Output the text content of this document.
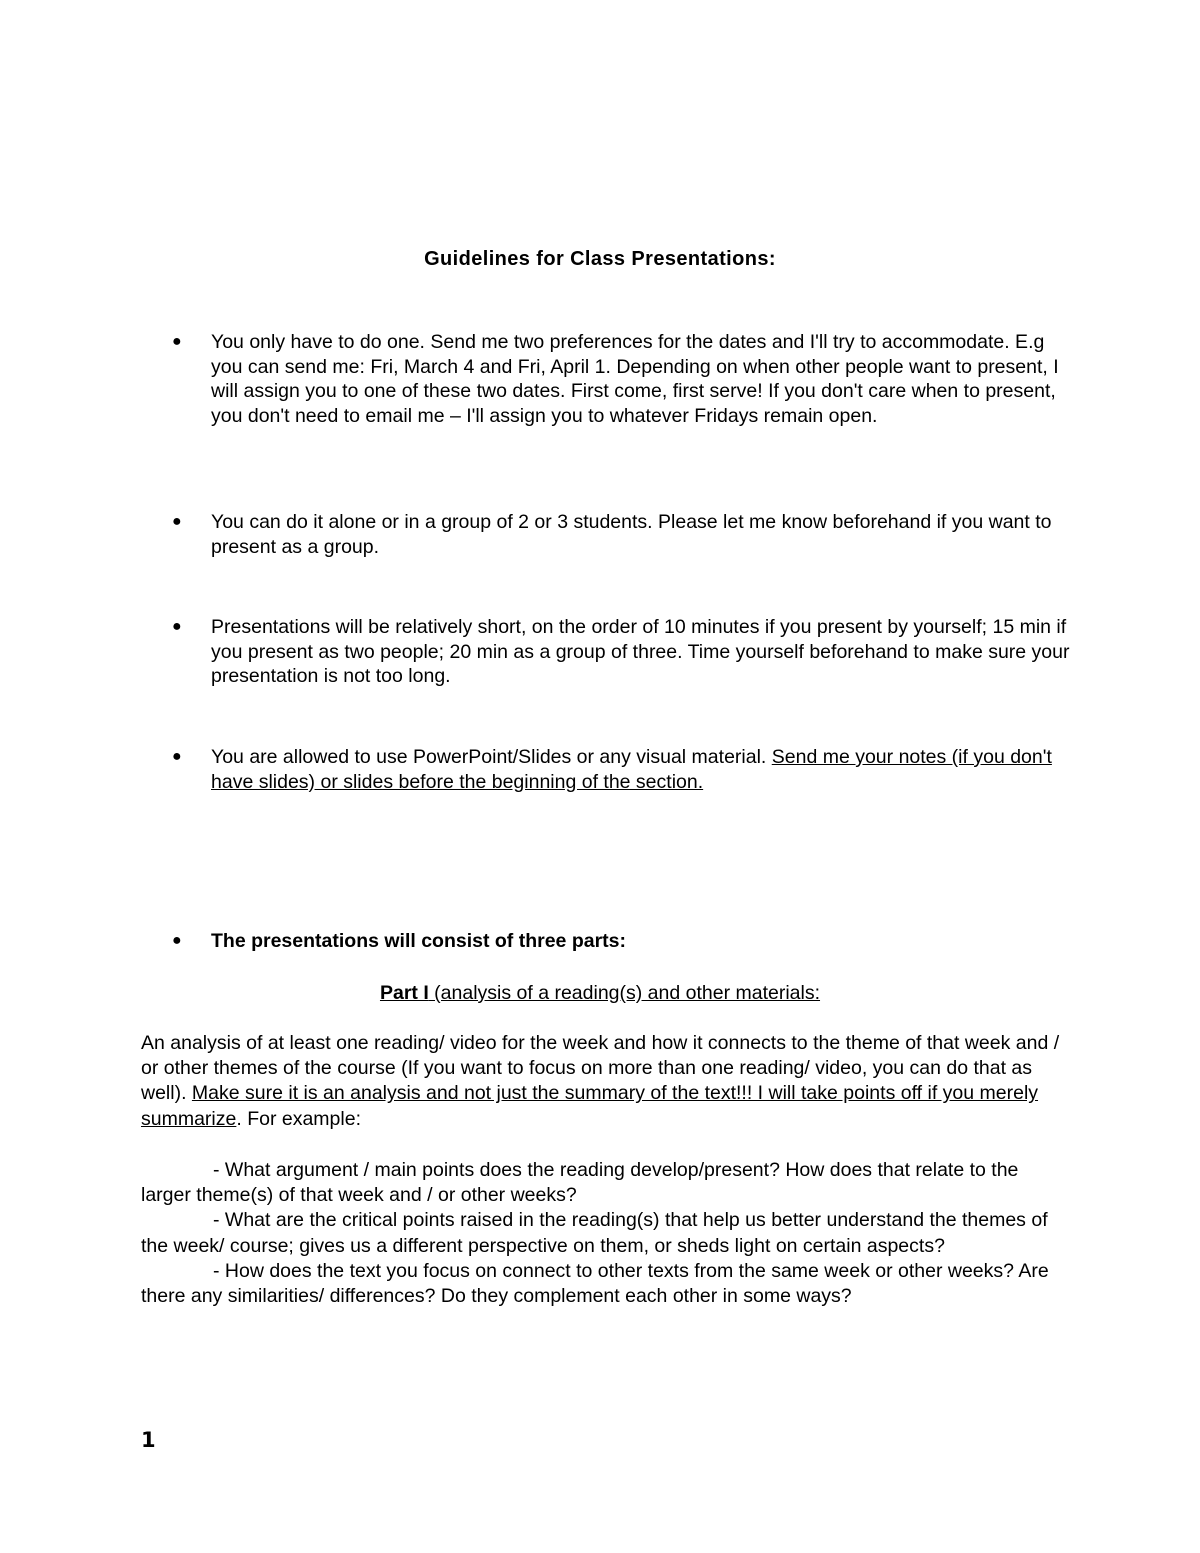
Guidelines for Class Presentations:
● You only have to do one. Send me two preferences for the dates and I'll try to accommodate. E.g you can send me: Fri, March 4 and Fri, April 1. Depending on when other people want to present, I will assign you to one of these two dates. First come, first serve! If you don't care when to present, you don't need to email me – I'll assign you to whatever Fridays remain open.
● You can do it alone or in a group of 2 or 3 students. Please let me know beforehand if you want to present as a group.
● Presentations will be relatively short, on the order of 10 minutes if you present by yourself; 15 min if you present as two people; 20 min as a group of three. Time yourself beforehand to make sure your presentation is not too long.
● You are allowed to use PowerPoint/Slides or any visual material. Send me your notes (if you don't have slides) or slides before the beginning of the section.
● The presentations will consist of three parts:
Part I (analysis of a reading(s) and other materials:
An analysis of at least one reading/ video for the week and how it connects to the theme of that week and / or other themes of the course (If you want to focus on more than one reading/ video, you can do that as well). Make sure it is an analysis and not just the summary of the text!!! I will take points off if you merely summarize. For example:

- What argument / main points does the reading develop/present? How does that relate to the larger theme(s) of that week and / or other weeks?

- What are the critical points raised in the reading(s) that help us better understand the themes of the week/ course; gives us a different perspective on them, or sheds light on certain aspects?

- How does the text you focus on connect to other texts from the same week or other weeks? Are there any similarities/ differences? Do they complement each other in some ways?

1
